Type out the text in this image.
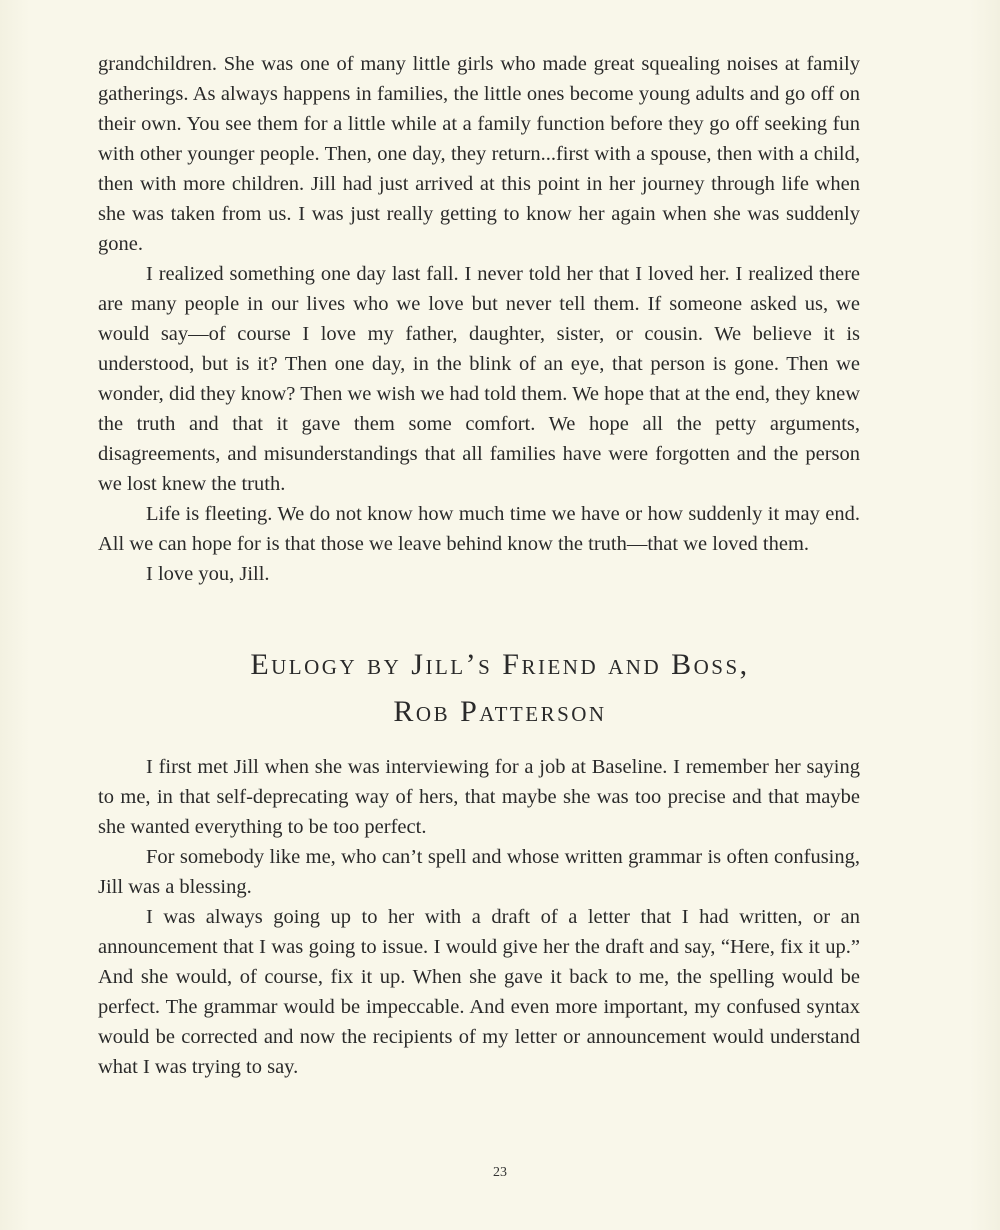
grandchildren. She was one of many little girls who made great squealing noises at family gatherings. As always happens in families, the little ones become young adults and go off on their own. You see them for a little while at a family function before they go off seeking fun with other younger people. Then, one day, they return...first with a spouse, then with a child, then with more children. Jill had just arrived at this point in her journey through life when she was taken from us. I was just really getting to know her again when she was suddenly gone.

I realized something one day last fall. I never told her that I loved her. I realized there are many people in our lives who we love but never tell them. If someone asked us, we would say—of course I love my father, daughter, sister, or cousin. We believe it is understood, but is it? Then one day, in the blink of an eye, that person is gone. Then we wonder, did they know? Then we wish we had told them. We hope that at the end, they knew the truth and that it gave them some comfort. We hope all the petty arguments, disagreements, and misunderstandings that all families have were forgotten and the person we lost knew the truth.

Life is fleeting. We do not know how much time we have or how suddenly it may end. All we can hope for is that those we leave behind know the truth—that we loved them.

I love you, Jill.

Eulogy by Jill’s Friend and Boss,
Rob Patterson

I first met Jill when she was interviewing for a job at Baseline. I remember her saying to me, in that self-deprecating way of hers, that maybe she was too precise and that maybe she wanted everything to be too perfect.

For somebody like me, who can’t spell and whose written grammar is often confusing, Jill was a blessing.

I was always going up to her with a draft of a letter that I had written, or an announcement that I was going to issue. I would give her the draft and say, “Here, fix it up.” And she would, of course, fix it up. When she gave it back to me, the spelling would be perfect. The grammar would be impeccable. And even more important, my confused syntax would be corrected and now the recipients of my letter or announcement would understand what I was trying to say.

23
